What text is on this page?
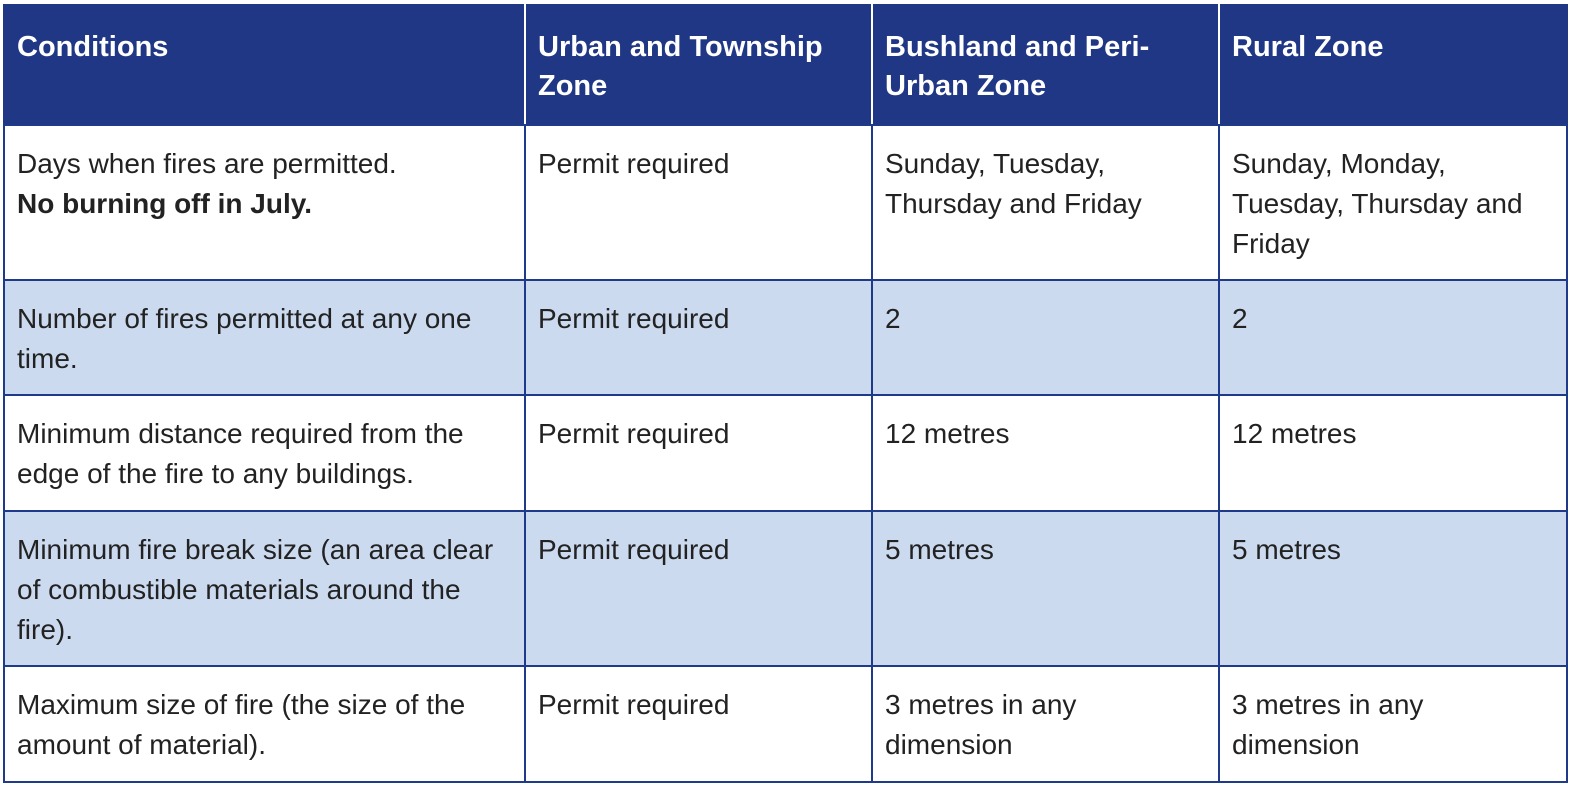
Conditions	Urban and Township Zone	Bushland and Peri-Urban Zone	Rural Zone

Days when fires are permitted.
No burning off in July.	Permit required	Sunday, Tuesday, Thursday and Friday	Sunday, Monday, Tuesday, Thursday and Friday
Number of fires permitted at any one time.	Permit required	2	2
Minimum distance required from the edge of the fire to any buildings.	Permit required	12 metres	12 metres
Minimum fire break size (an area clear of combustible materials around the fire).	Permit required	5 metres	5 metres
Maximum size of fire (the size of the amount of material).	Permit required	3 metres in any dimension	3 metres in any dimension
